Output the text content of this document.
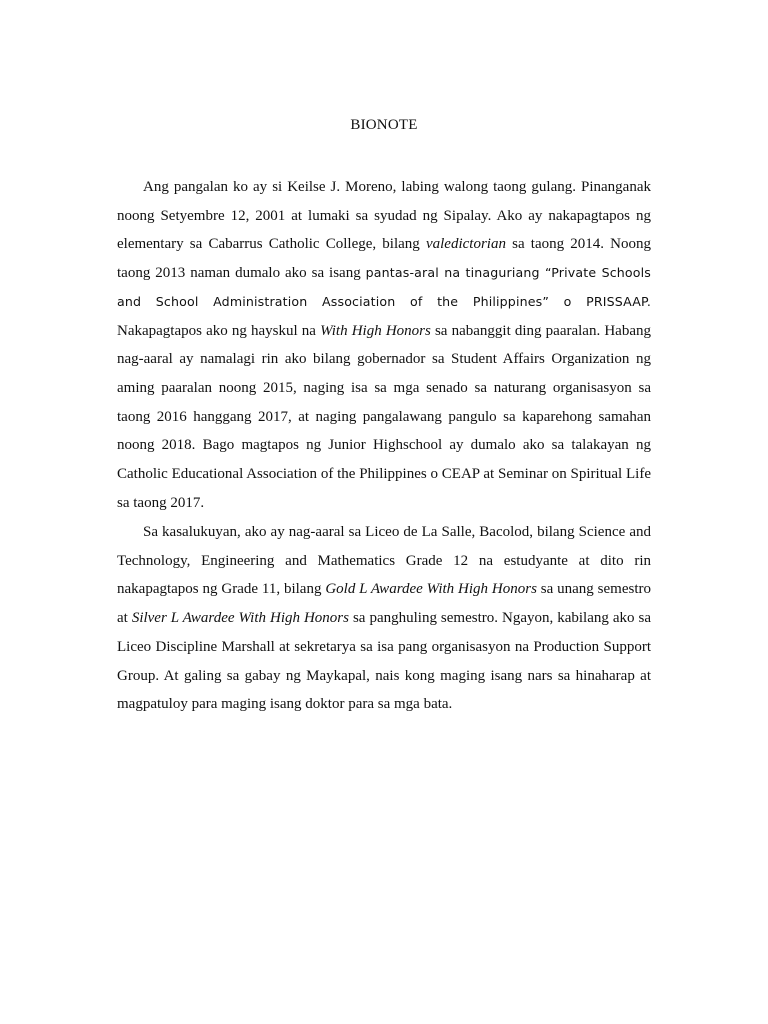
BIONOTE

Ang pangalan ko ay si Keilse J. Moreno, labing walong taong gulang. Pinanganak noong Setyembre 12, 2001 at lumaki sa syudad ng Sipalay. Ako ay nakapagtapos ng elementary sa Cabarrus Catholic College, bilang valedictorian sa taong 2014. Noong taong 2013 naman dumalo ako sa isang pantas-aral na tinaguriang “Private Schools and School Administration Association of the Philippines” o PRISSAAP. Nakapagtapos ako ng hayskul na With High Honors sa nabanggit ding paaralan. Habang nag-aaral ay namalagi rin ako bilang gobernador sa Student Affairs Organization ng aming paaralan noong 2015, naging isa sa mga senado sa naturang organisasyon sa taong 2016 hanggang 2017, at naging pangalawang pangulo sa kaparehong samahan noong 2018. Bago magtapos ng Junior Highschool ay dumalo ako sa talakayan ng Catholic Educational Association of the Philippines o CEAP at Seminar on Spiritual Life sa taong 2017.

Sa kasalukuyan, ako ay nag-aaral sa Liceo de La Salle, Bacolod, bilang Science and Technology, Engineering and Mathematics Grade 12 na estudyante at dito rin nakapagtapos ng Grade 11, bilang Gold L Awardee With High Honors sa unang semestro at Silver L Awardee With High Honors sa panghuling semestro. Ngayon, kabilang ako sa Liceo Discipline Marshall at sekretarya sa isa pang organisasyon na Production Support Group. At galing sa gabay ng Maykapal, nais kong maging isang nars sa hinaharap at magpatuloy para maging isang doktor para sa mga bata.
